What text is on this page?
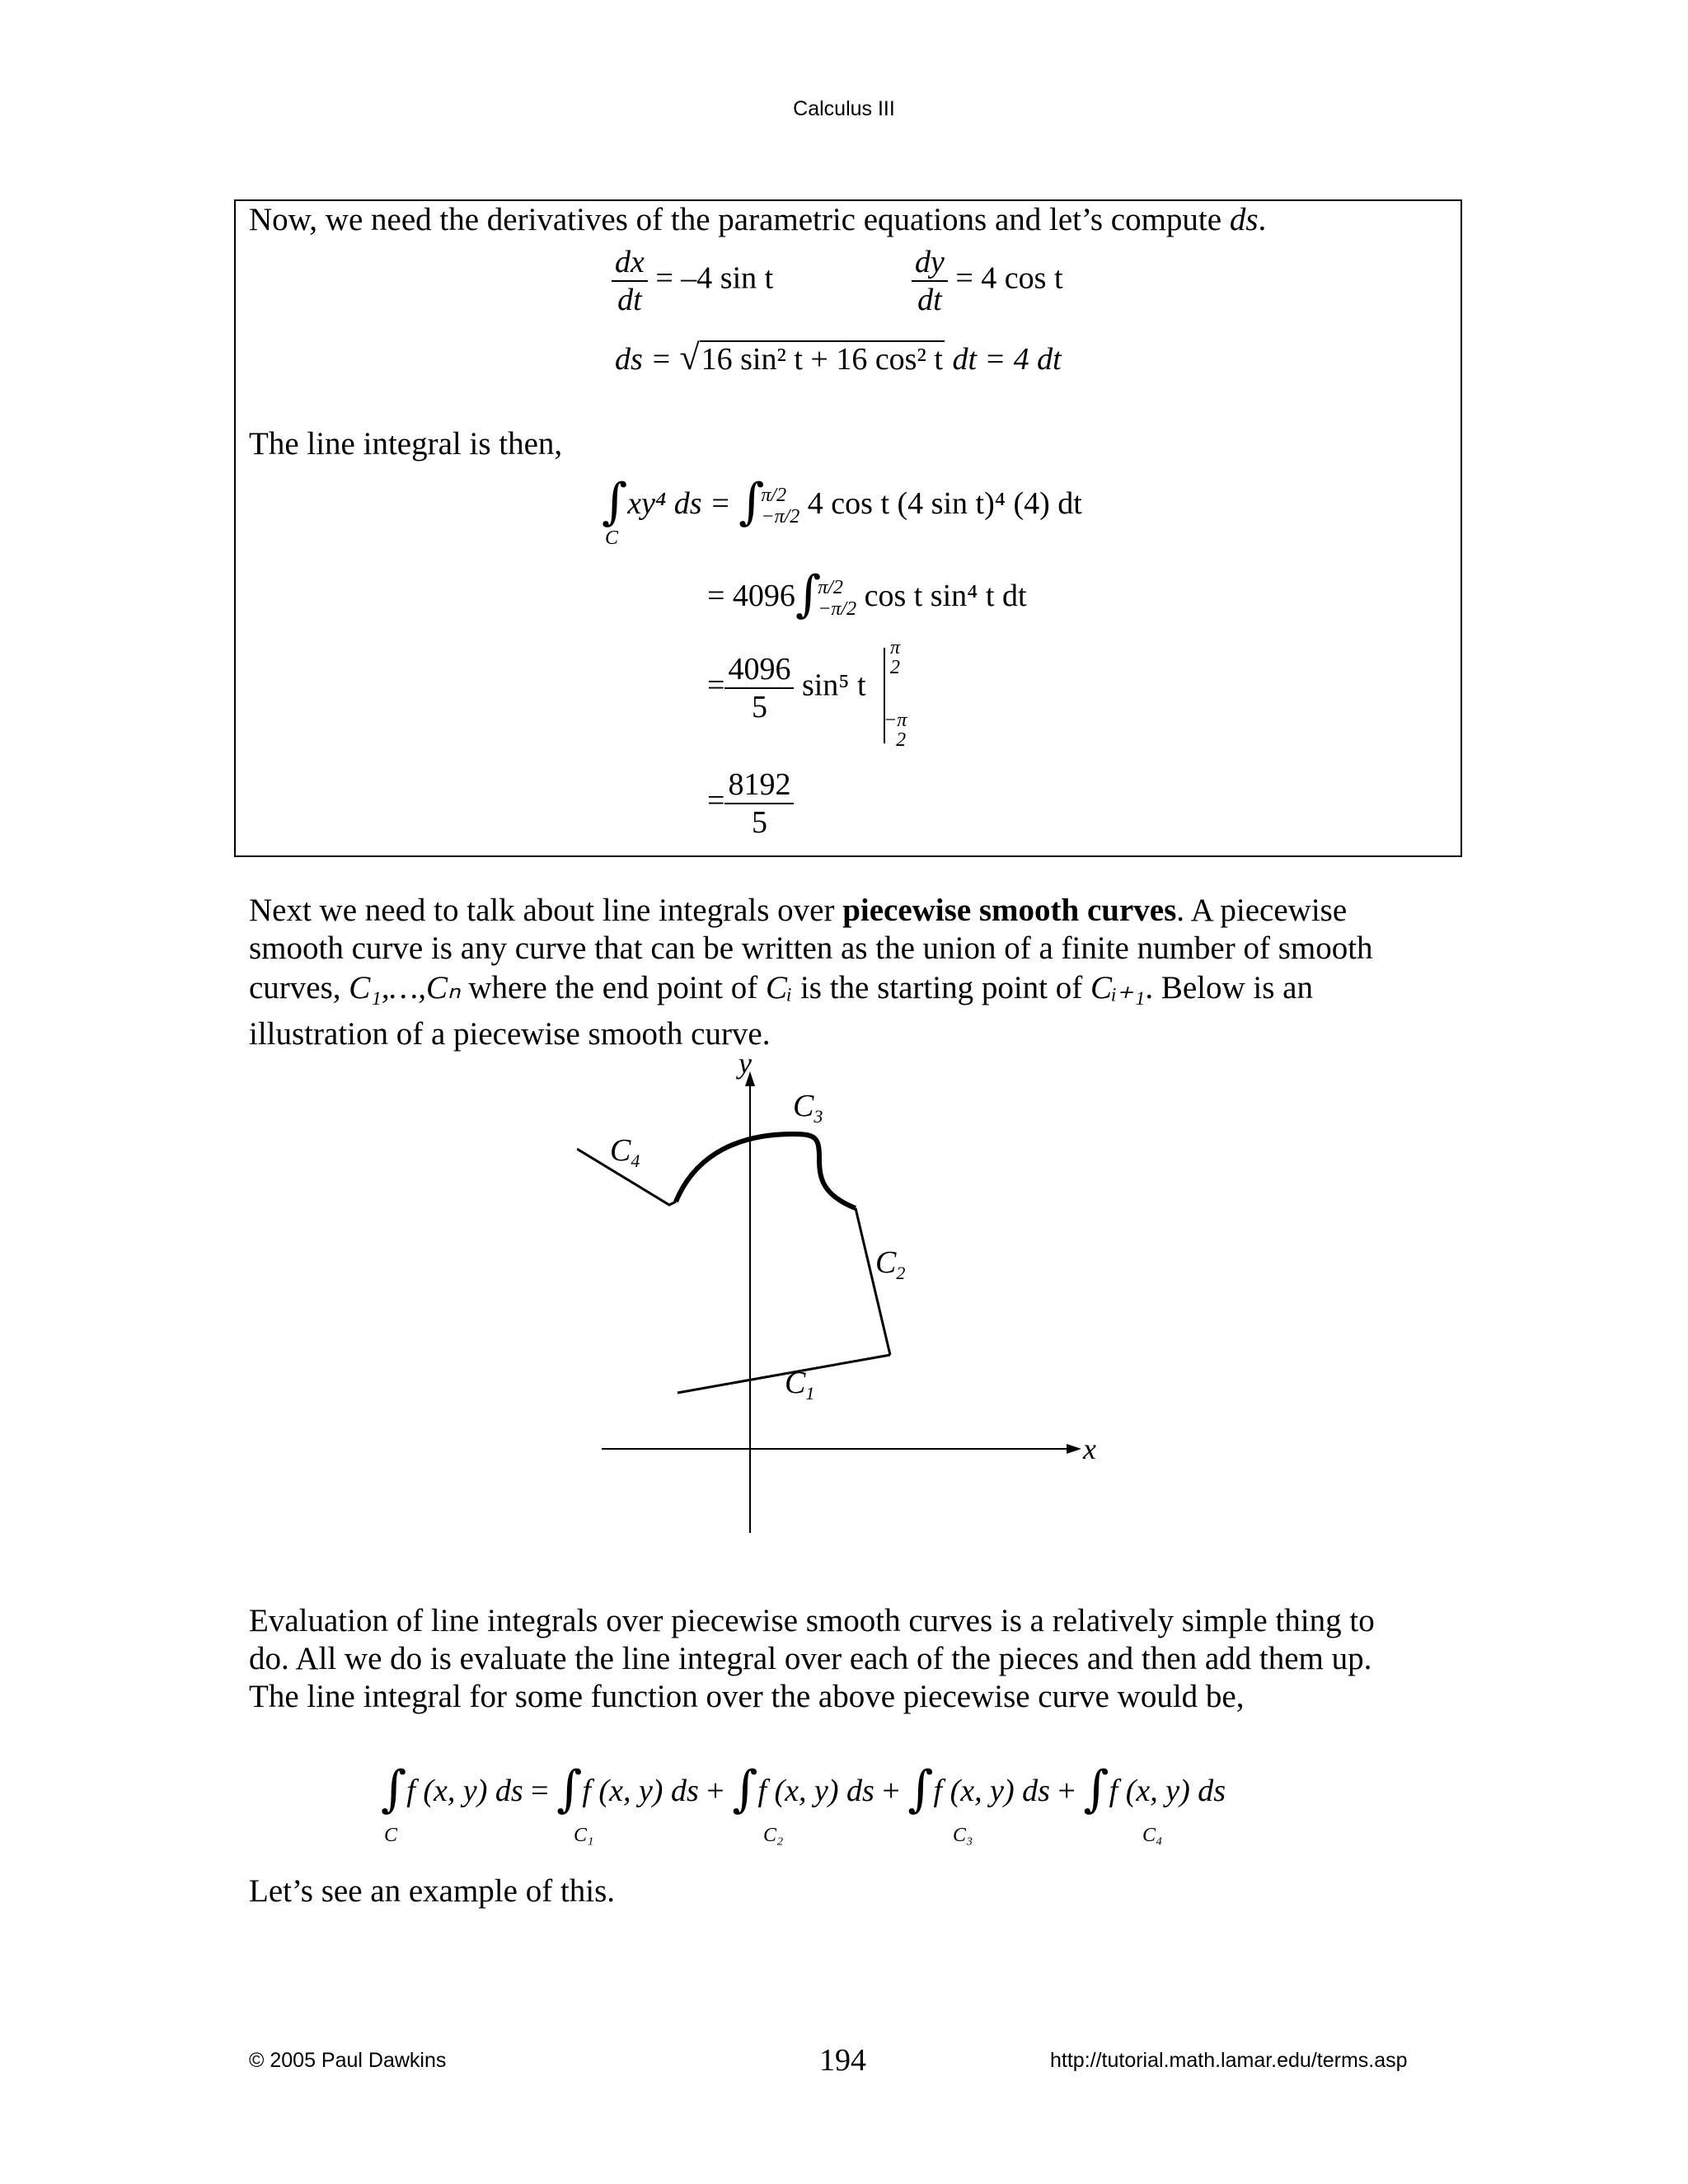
Calculus III
Now, we need the derivatives of the parametric equations and let’s compute ds.
$\frac{dx}{dt} = -4$ sin t	$\frac{dy}{dt} = 4$ cos t
ds = √16 sin² t + 16 cos² t dt = 4 dt
The line integral is then,
∫xy⁴ ds = ∫
π/2
−π/2 4 cos t (4 sin t)⁴ (4) dt
C
= 4096∫
π/2
−π/2 cos t sin⁴ t dt
= $\frac{4096}{5} \sin^5$ t
π
2
−π
2
= $\frac{8192}{5}$
Next we need to talk about line integrals over piecewise smooth curves. A piecewise
smooth curve is any curve that can be written as the union of a finite number of smooth
curves, C₁,…,Cₙ where the end point of Cᵢ is the starting point of Cᵢ₊₁. Below is an
illustration of a piecewise smooth curve.
y
x
$C_1$
$C_2$
$C_3$
$C_4$
Evaluation of line integrals over piecewise smooth curves is a relatively simple thing to
do. All we do is evaluate the line integral over each of the pieces and then add them up.
The line integral for some function over the above piecewise curve would be,
∫f (x, y) ds = ∫f (x, y) ds + ∫f (x, y) ds + ∫f (x, y) ds + ∫f (x, y) ds
C	C₁	C₂	C₃	C₄
Let’s see an example of this.
© 2005 Paul Dawkins	194	http://tutorial.math.lamar.edu/terms.asp
